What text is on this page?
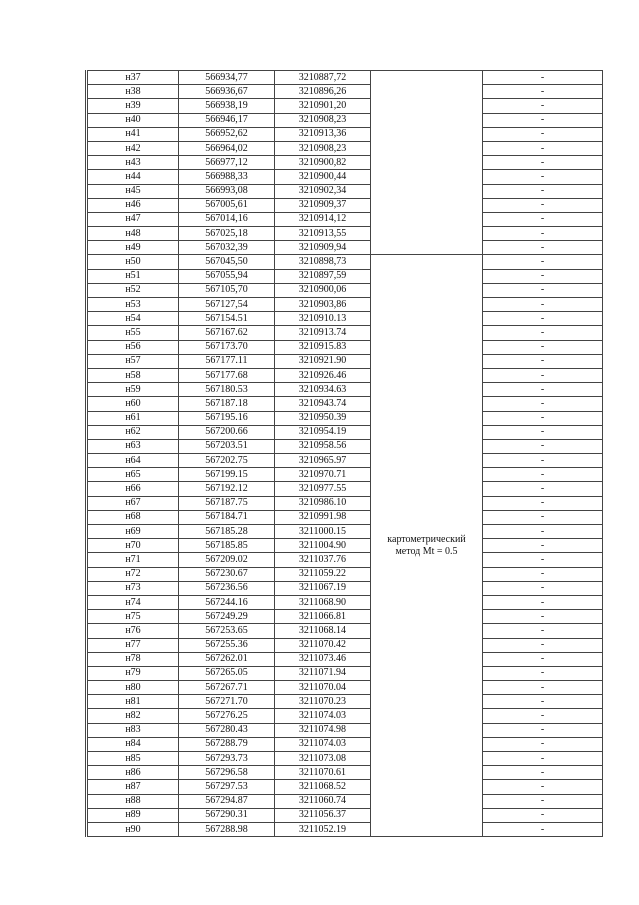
н37	566934,77	3210887,72		-
н38	566936,67	3210896,26		-
н39	566938,19	3210901,20		-
н40	566946,17	3210908,23		-
н41	566952,62	3210913,36		-
н42	566964,02	3210908,23		-
н43	566977,12	3210900,82		-
н44	566988,33	3210900,44		-
н45	566993,08	3210902,34		-
н46	567005,61	3210909,37		-
н47	567014,16	3210914,12		-
н48	567025,18	3210913,55		-
н49	567032,39	3210909,94		-
н50	567045,50	3210898,73	картометрический метод Mt = 0.5	-
н51	567055,94	3210897,59		-
н52	567105,70	3210900,06		-
н53	567127,54	3210903,86		-
н54	567154.51	3210910.13		-
н55	567167.62	3210913.74		-
н56	567173.70	3210915.83		-
н57	567177.11	3210921.90		-
н58	567177.68	3210926.46		-
н59	567180.53	3210934.63		-
н60	567187.18	3210943.74		-
н61	567195.16	3210950.39		-
н62	567200.66	3210954.19		-
н63	567203.51	3210958.56		-
н64	567202.75	3210965.97		-
н65	567199.15	3210970.71		-
н66	567192.12	3210977.55		-
н67	567187.75	3210986.10		-
н68	567184.71	3210991.98		-
н69	567185.28	3211000.15		-
н70	567185.85	3211004.90		-
н71	567209.02	3211037.76		-
н72	567230.67	3211059.22		-
н73	567236.56	3211067.19		-
н74	567244.16	3211068.90		-
н75	567249.29	3211066.81		-
н76	567253.65	3211068.14		-
н77	567255.36	3211070.42		-
н78	567262.01	3211073.46		-
н79	567265.05	3211071.94		-
н80	567267.71	3211070.04		-
н81	567271.70	3211070.23		-
н82	567276.25	3211074.03		-
н83	567280.43	3211074.98		-
н84	567288.79	3211074.03		-
н85	567293.73	3211073.08		-
н86	567296.58	3211070.61		-
н87	567297.53	3211068.52		-
н88	567294.87	3211060.74		-
н89	567290.31	3211056.37		-
н90	567288.98	3211052.19		-
